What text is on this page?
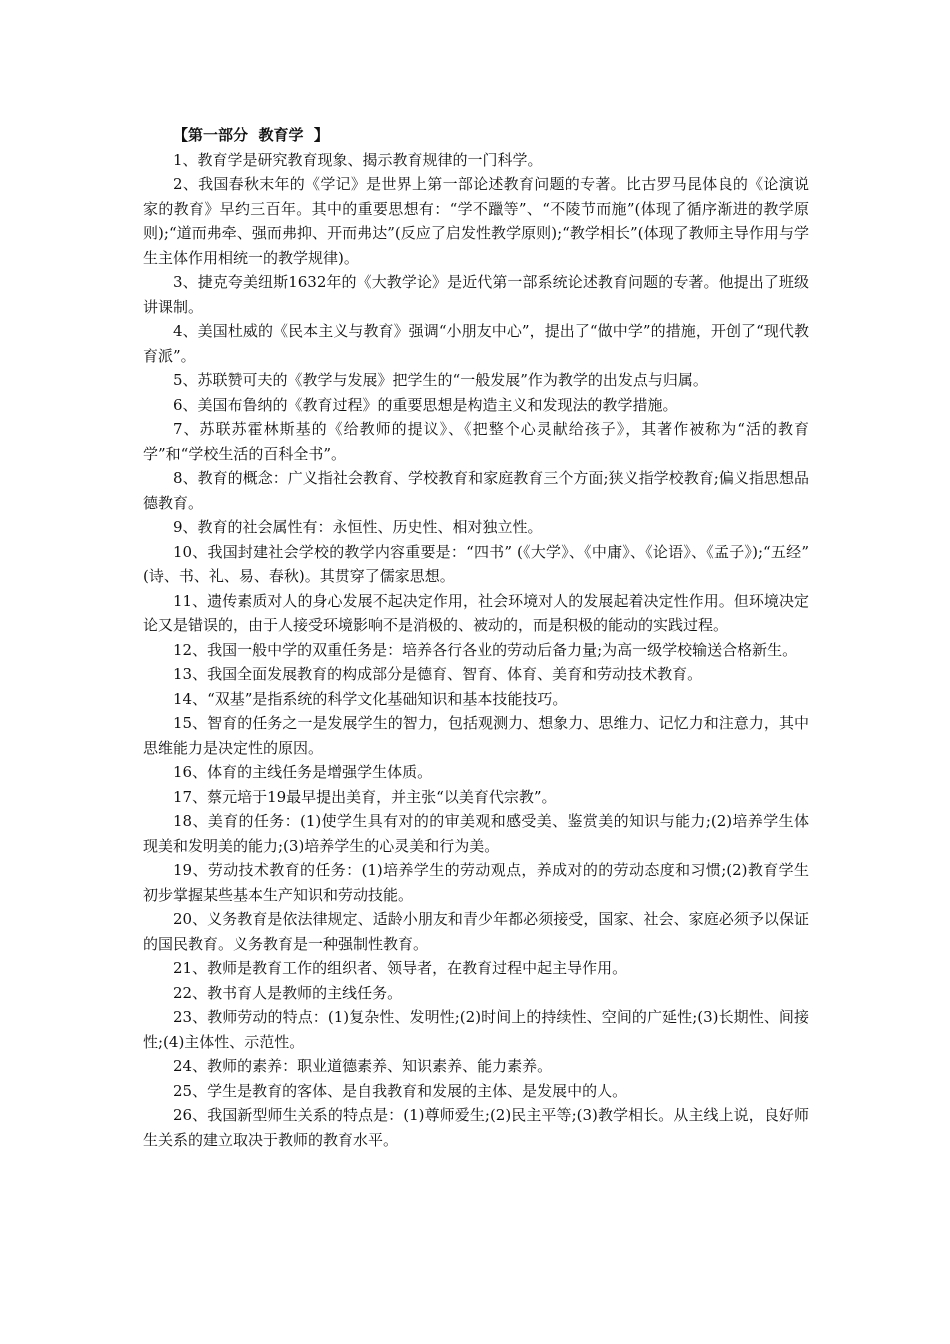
【第一部分  教育学  】

1、教育学是研究教育现象、揭示教育规律的一门科学。

2、我国春秋末年的《学记》是世界上第一部论述教育问题的专著。比古罗马昆体良的《论演说家的教育》早约三百年。其中的重要思想有：“学不躐等”、“不陵节而施”(体现了循序渐进的教学原则);“道而弗牵、强而弗抑、开而弗达”(反应了启发性教学原则);“教学相长”(体现了教师主导作用与学生主体作用相统一的教学规律)。

3、捷克夸美纽斯1632年的《大教学论》是近代第一部系统论述教育问题的专著。他提出了班级讲课制。

4、美国杜威的《民本主义与教育》强调“小朋友中心”，提出了“做中学”的措施，开创了“现代教育派”。

5、苏联赞可夫的《教学与发展》把学生的“一般发展”作为教学的出发点与归属。

6、美国布鲁纳的《教育过程》的重要思想是构造主义和发现法的教学措施。

7、苏联苏霍林斯基的《给教师的提议》、《把整个心灵献给孩子》，其著作被称为“活的教育学”和“学校生活的百科全书”。

8、教育的概念：广义指社会教育、学校教育和家庭教育三个方面;狭义指学校教育;偏义指思想品德教育。

9、教育的社会属性有：永恒性、历史性、相对独立性。

10、我国封建社会学校的教学内容重要是：“四书” (《大学》、《中庸》、《论语》、《孟子》);“五经” (诗、书、礼、易、春秋)。其贯穿了儒家思想。

11、遗传素质对人的身心发展不起决定作用，社会环境对人的发展起着决定性作用。但环境决定论又是错误的，由于人接受环境影响不是消极的、被动的，而是积极的能动的实践过程。

12、我国一般中学的双重任务是：培养各行各业的劳动后备力量;为高一级学校输送合格新生。

13、我国全面发展教育的构成部分是德育、智育、体育、美育和劳动技术教育。

14、“双基”是指系统的科学文化基础知识和基本技能技巧。

15、智育的任务之一是发展学生的智力，包括观测力、想象力、思维力、记忆力和注意力，其中思维能力是决定性的原因。

16、体育的主线任务是增强学生体质。

17、蔡元培于19最早提出美育，并主张“以美育代宗教”。

18、美育的任务：(1)使学生具有对的的审美观和感受美、鉴赏美的知识与能力;(2)培养学生体现美和发明美的能力;(3)培养学生的心灵美和行为美。

19、劳动技术教育的任务：(1)培养学生的劳动观点，养成对的的劳动态度和习惯;(2)教育学生初步掌握某些基本生产知识和劳动技能。

20、义务教育是依法律规定、适龄小朋友和青少年都必须接受，国家、社会、家庭必须予以保证的国民教育。义务教育是一种强制性教育。

21、教师是教育工作的组织者、领导者，在教育过程中起主导作用。

22、教书育人是教师的主线任务。

23、教师劳动的特点：(1)复杂性、发明性;(2)时间上的持续性、空间的广延性;(3)长期性、间接性;(4)主体性、示范性。

24、教师的素养：职业道德素养、知识素养、能力素养。

25、学生是教育的客体、是自我教育和发展的主体、是发展中的人。

26、我国新型师生关系的特点是：(1)尊师爱生;(2)民主平等;(3)教学相长。从主线上说，良好师生关系的建立取决于教师的教育水平。
